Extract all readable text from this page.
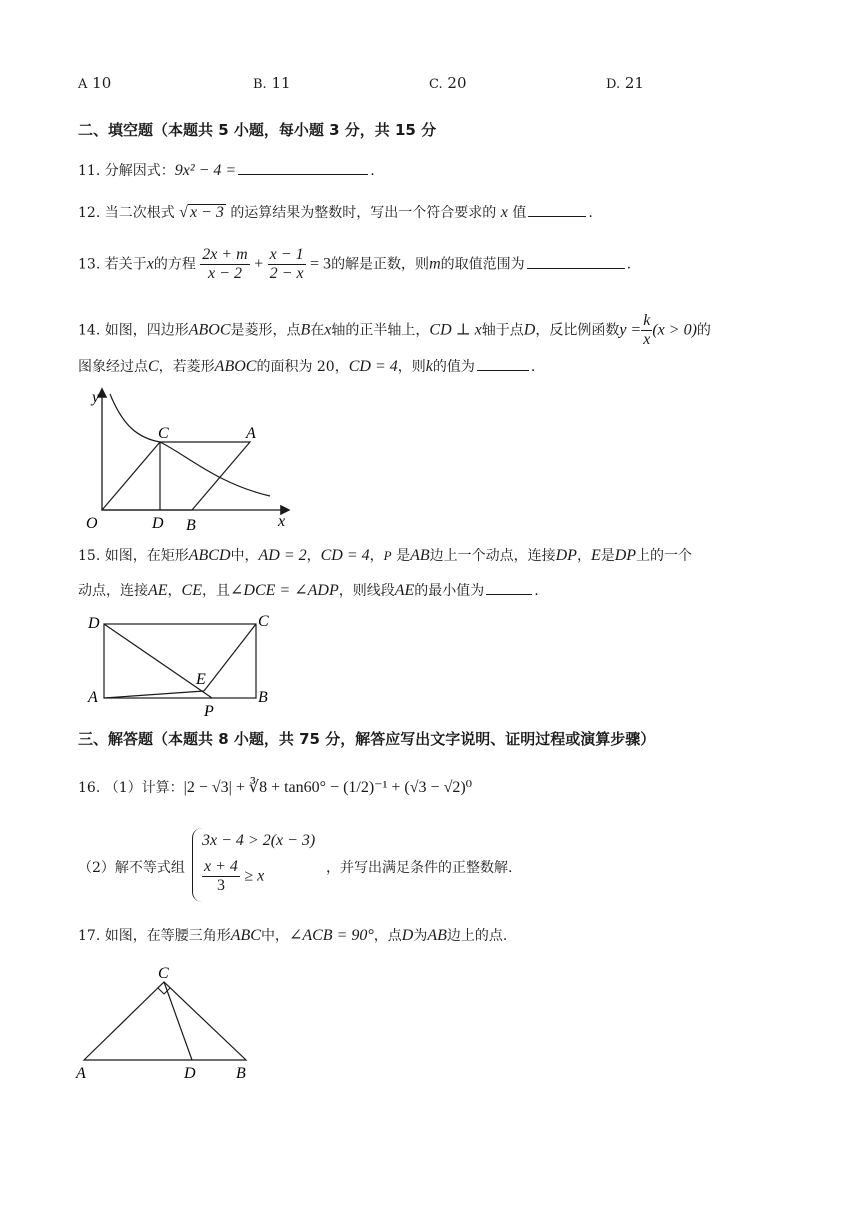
A 10	B. 11	C. 20	D. 21
二、填空题（本题共 5 小题，每小题 3 分，共 15 分
11. 分解因式：9x² − 4 =	.
12. 当二次根式 √ x − 3 的运算结果为整数时，写出一个符合要求的 x 值	.
13. 若关于x的方程 $\frac{2x + m}{x - 2} + \frac{x - 1}{2 - x} = 3$的解是正数，则m的取值范围为	.
14. 如图，四边形ABOC是菱形，点B在x轴的正半轴上，CD ⊥ x轴于点D，反比例函数$y = \frac{k}{x} (x > 0)$的
图象经过点C，若菱形ABOC的面积为 20，CD = 4，则k的值为	.
y
x
O	D B
C	A
15. 如图，在矩形ABCD中，AD = 2，CD = 4，P 是AB边上一个动点，连接DP，E是DP上的一个
动点，连接AE，CE，且∠DCE = ∠ADP，则线段AE的最小值为	.
D	C
A	B
E
P
三、解答题（本题共 8 小题，共 75 分，解答应写出文字说明、证明过程或演算步骤）
16. （1）计算：|2 − √3| + ∛8 + tan60° − (1/2)⁻¹ + (√3 − √2)⁰
（2）解不等式组
3x − 4 > 2(x − 3)
$\frac{x + 4}{3} \ge x$	，并写出满足条件的正整数解.
17. 如图，在等腰三角形ABC中，∠ACB = 90°，点D为AB边上的点.
C
A	D	B
